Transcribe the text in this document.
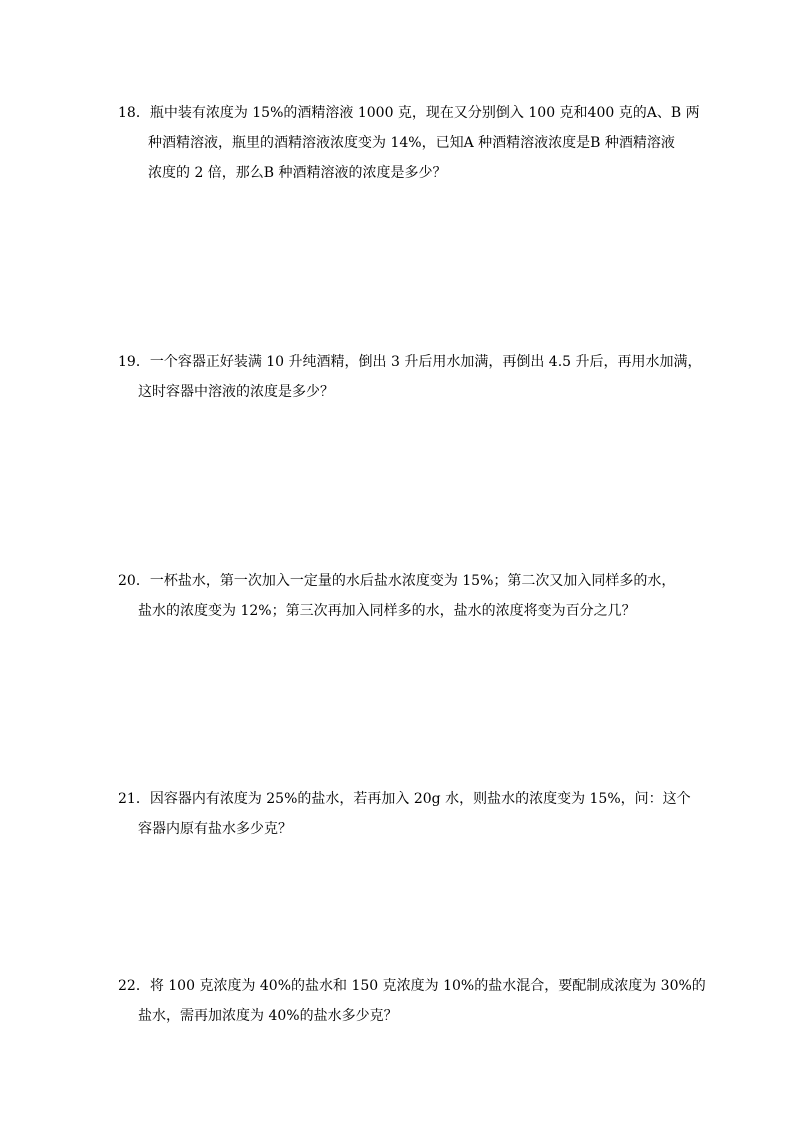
18．瓶中装有浓度为 15%的酒精溶液 1000 克，现在又分别倒入 100 克和400 克的A、B 两
种酒精溶液，瓶里的酒精溶液浓度变为 14%，已知A 种酒精溶液浓度是B 种酒精溶液
浓度的 2 倍，那么B 种酒精溶液的浓度是多少？
19．一个容器正好装满 10 升纯酒精，倒出 3 升后用水加满，再倒出 4.5 升后，再用水加满，
这时容器中溶液的浓度是多少？
20．一杯盐水，第一次加入一定量的水后盐水浓度变为 15%；第二次又加入同样多的水，
盐水的浓度变为 12%；第三次再加入同样多的水，盐水的浓度将变为百分之几？
21．因容器内有浓度为 25%的盐水，若再加入 20g 水，则盐水的浓度变为 15%，问：这个
容器内原有盐水多少克？
22．将 100 克浓度为 40%的盐水和 150 克浓度为 10%的盐水混合，要配制成浓度为 30%的
盐水，需再加浓度为 40%的盐水多少克？
